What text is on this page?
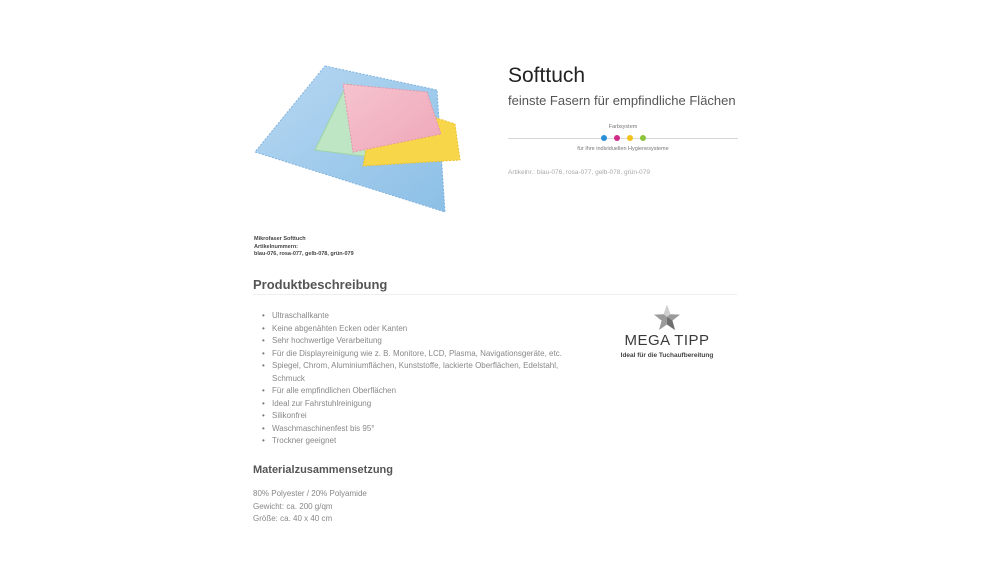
Mikrofaser Softtuch
Artikelnummern:
blau-076, rosa-077, gelb-078, grün-079
Softtuch
feinste Fasern für empfindliche Flächen
Farbsystem

für Ihre individuellen Hygienesysteme
Artikelnr.: blau-076, rosa-077, gelb-078, grün-079
Produktbeschreibung
• Ultraschallkante
• Keine abgenähten Ecken oder Kanten
• Sehr hochwertige Verarbeitung
• Für die Displayreinigung wie z. B. Monitore, LCD, Plasma, Navigationsgeräte, etc.
• Spiegel, Chrom, Aluminiumflächen, Kunststoffe, lackierte Oberflächen, Edelstahl, Schmuck
• Für alle empfindlichen Oberflächen
• Ideal zur Fahrstuhlreinigung
• Silikonfrei
• Waschmaschinenfest bis 95°
• Trockner geeignet
MEGA TIPP
Ideal für die Tuchaufbereitung
Materialzusammensetzung
80% Polyester / 20% Polyamide
Gewicht: ca. 200 g/qm
Größe: ca. 40 x 40 cm
